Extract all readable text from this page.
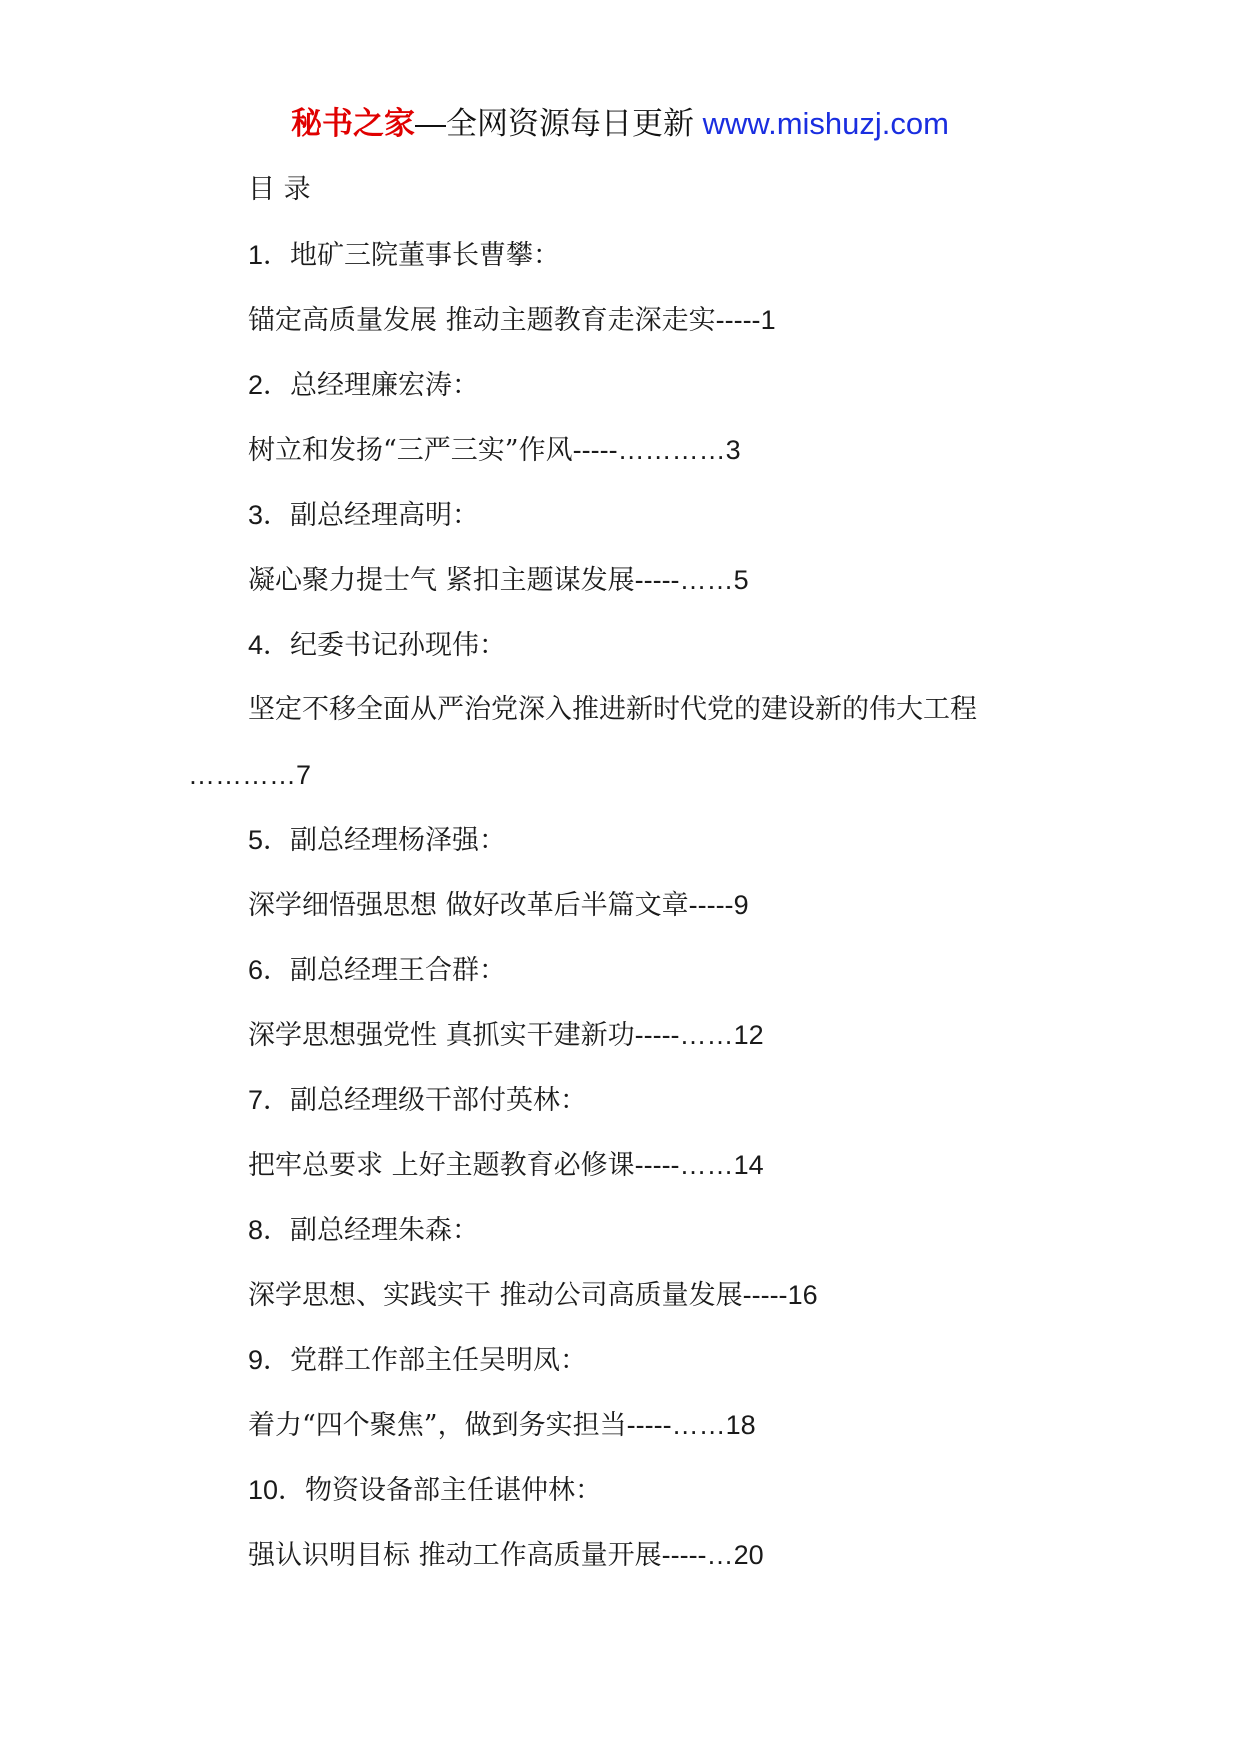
秘书之家—全网资源每日更新 www.mishuzj.com
目 录
1．地矿三院董事长曹攀：
锚定高质量发展 推动主题教育走深走实-----1
2．总经理廉宏涛：
树立和发扬“三严三实”作风-----…………3
3．副总经理高明：
凝心聚力提士气 紧扣主题谋发展-----……5
4．纪委书记孙现伟：
坚定不移全面从严治党深入推进新时代党的建设新的伟大工程
…………7
5．副总经理杨泽强：
深学细悟强思想 做好改革后半篇文章-----9
6．副总经理王合群：
深学思想强党性 真抓实干建新功-----……12
7．副总经理级干部付英林：
把牢总要求 上好主题教育必修课-----……14
8．副总经理朱森：
深学思想、实践实干 推动公司高质量发展-----16
9．党群工作部主任吴明凤：
着力“四个聚焦”，做到务实担当-----……18
10．物资设备部主任谌仲林：
强认识明目标 推动工作高质量开展-----…20
